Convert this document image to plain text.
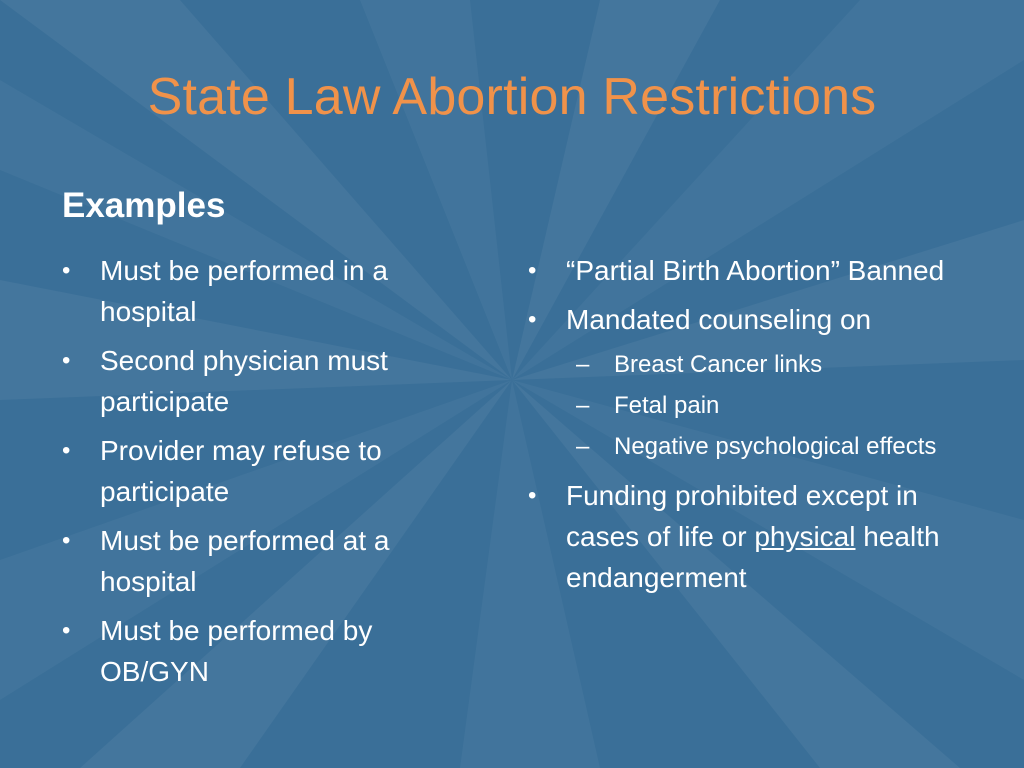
State Law Abortion Restrictions
Examples
•	Must be performed in a hospital
•	Second physician must participate
•	Provider may refuse to participate
•	Must be performed at a hospital
•	Must be performed by OB/GYN
•	“Partial Birth Abortion” Banned
•	Mandated counseling on
– Breast Cancer links
– Fetal pain
– Negative psychological effects
•	Funding prohibited except in cases of life or physical health endangerment
